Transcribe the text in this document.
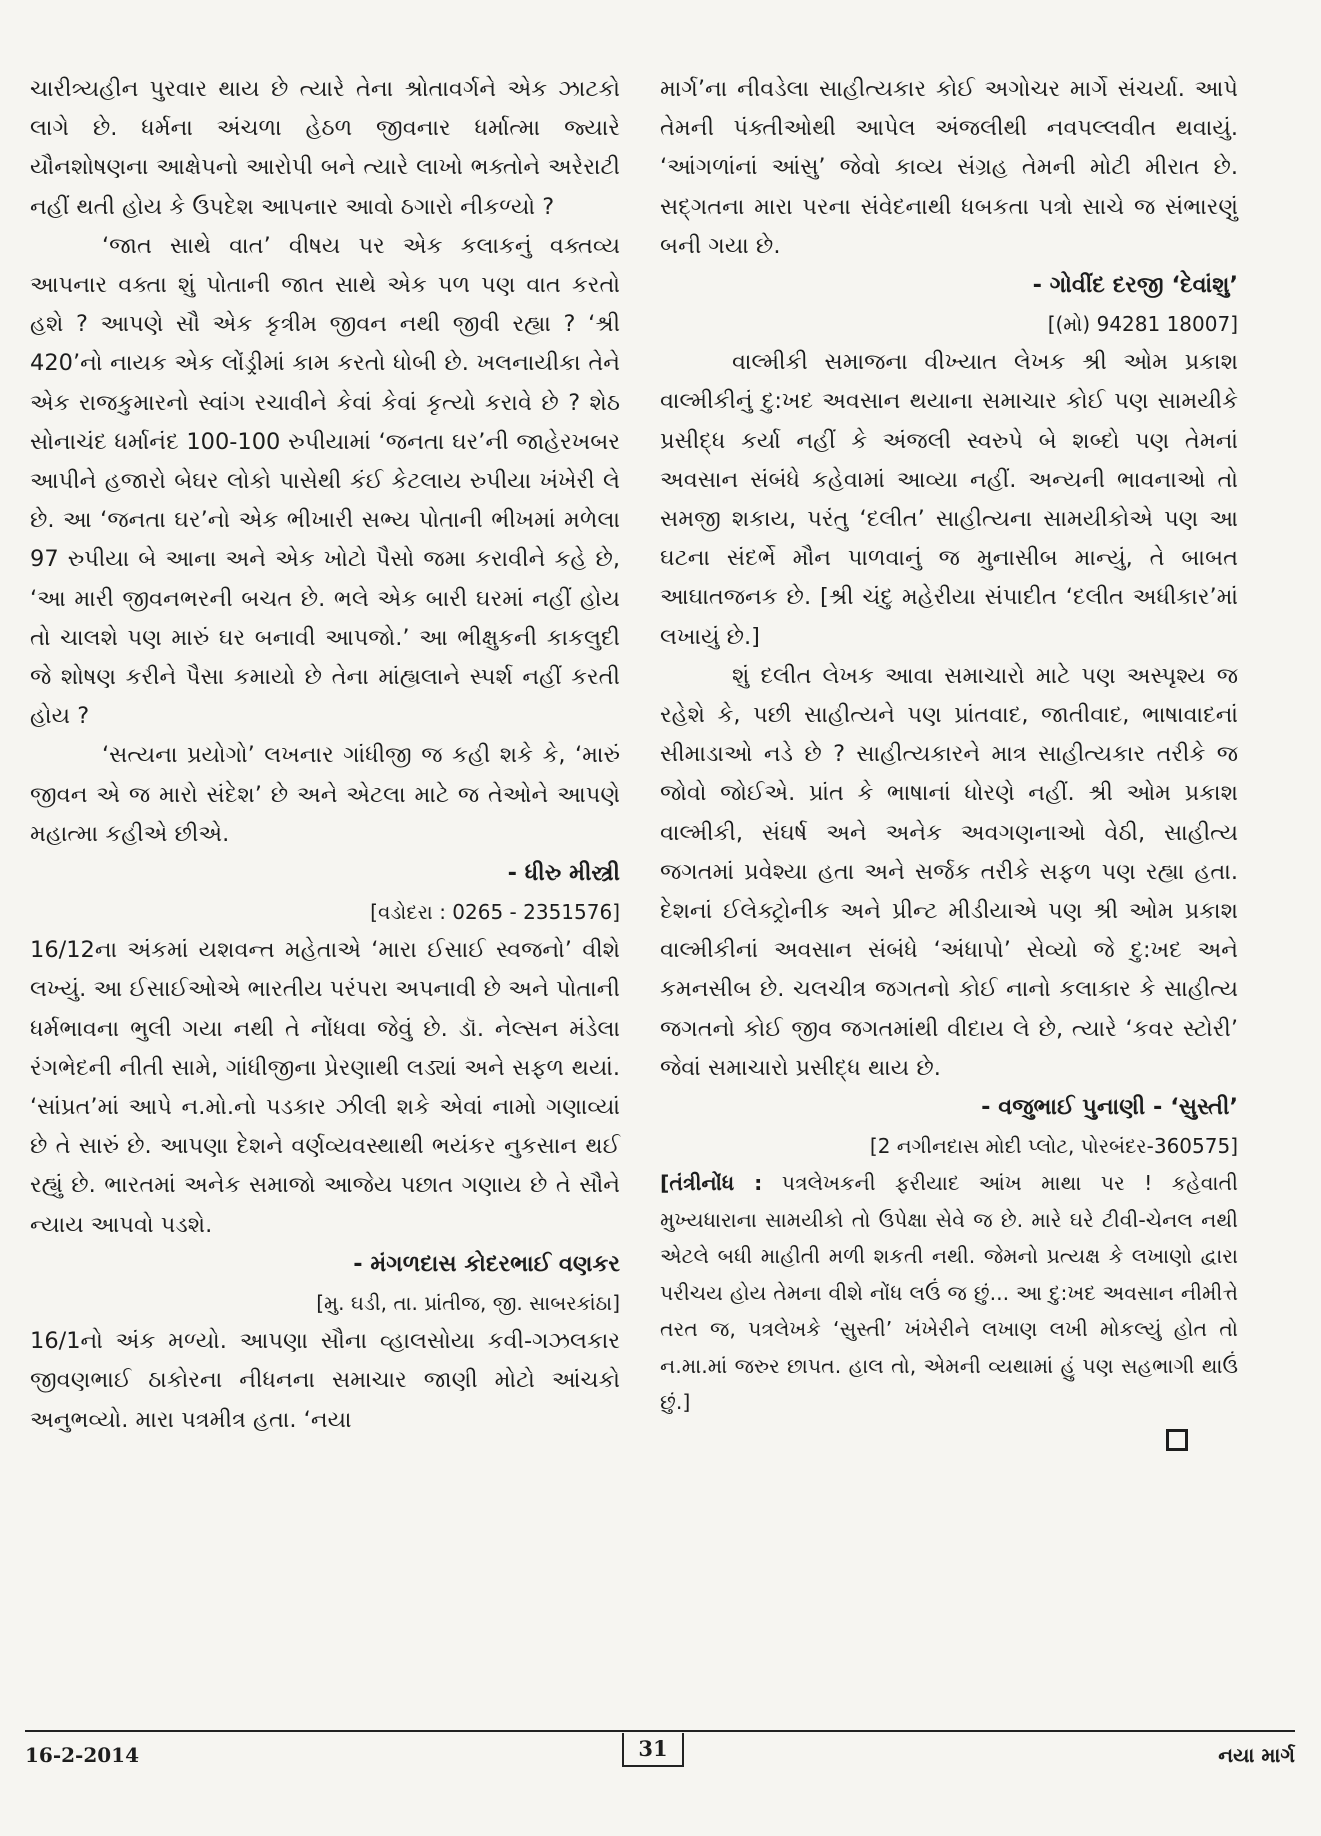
ચારીત્ર્યહીન પુરવાર થાય છે ત્યારે તેના શ્રોતાવર્ગને એક ઝાટકો લાગે છે. ધર્મના અંચળા હેઠળ જીવનાર ધર્માત્મા જ્યારે યૌનશોષણના આક્ષેપનો આરોપી બને ત્યારે લાખો ભક્તોને અરેરાટી નહીં થતી હોય કે ઉપદેશ આપનાર આવો ઠગારો નીકળ્યો ?

‘જાત સાથે વાત’ વીષય પર એક કલાકનું વક્તવ્ય આપનાર વક્તા શું પોતાની જાત સાથે એક પળ પણ વાત કરતો હશે ? આપણે સૌ એક કૃત્રીમ જીવન નથી જીવી રહ્યા ? ‘શ્રી 420’નો નાયક એક લોંડ્રીમાં કામ કરતો ધોબી છે. ખલનાયીકા તેને એક રાજકુમારનો સ્વાંગ રચાવીને કેવાં કેવાં કૃત્યો કરાવે છે ? શેઠ સોનાચંદ ધર્માનંદ 100-100 રુપીયામાં ‘જનતા ઘર’ની જાહેરખબર આપીને હજારો બેઘર લોકો પાસેથી કંઈ કેટલાય રુપીયા ખંખેરી લે છે. આ ‘જનતા ઘર’નો એક ભીખારી સભ્ય પોતાની ભીખમાં મળેલા 97 રુપીયા બે આના અને એક ખોટો પૈસો જમા કરાવીને કહે છે, ‘આ મારી જીવનભરની બચત છે. ભલે એક બારી ઘરમાં નહીં હોય તો ચાલશે પણ મારું ઘર બનાવી આપજો.’ આ ભીક્ષુકની કાકલુદી જે શોષણ કરીને પૈસા કમાયો છે તેના માંહ્યલાને સ્પર્શ નહીં કરતી હોય ?

‘સત્યના પ્રયોગો’ લખનાર ગાંધીજી જ કહી શકે કે, ‘મારું જીવન એ જ મારો સંદેશ’ છે અને એટલા માટે જ તેઓને આપણે મહાત્મા કહીએ છીએ.

- ધીરુ મીસ્ત્રી

[વડોદરા : 0265 - 2351576]

16/12ના અંકમાં યશવન્ત મહેતાએ ‘મારા ઈસાઈ સ્વજનો’ વીશે લખ્યું. આ ઈસાઈઓએ ભારતીય પરંપરા અપનાવી છે અને પોતાની ધર્મભાવના ભુલી ગયા નથી તે નોંધવા જેવું છે. ડૉ. નેલ્સન મંડેલા રંગભેદની નીતી સામે, ગાંધીજીના પ્રેરણાથી લડ્યાં અને સફળ થયાં. ‘સાંપ્રત’માં આપે ન.મો.નો પડકાર ઝીલી શકે એવાં નામો ગણાવ્યાં છે તે સારું છે. આપણા દેશને વર્ણવ્યવસ્થાથી ભયંકર નુકસાન થઈ રહ્યું છે. ભારતમાં અનેક સમાજો આજેય પછાત ગણાય છે તે સૌને ન્યાય આપવો પડશે.

- મંગળદાસ કોદરભાઈ વણકર

[મુ. ઘડી, તા. પ્રાંતીજ, જી. સાબરકાંઠા]

16/1નો અંક મળ્યો. આપણા સૌના વ્હાલસોયા કવી-ગઝલકાર જીવણભાઈ ઠાકોરના નીધનના સમાચાર જાણી મોટો આંચકો અનુભવ્યો. મારા પત્રમીત્ર હતા. ‘નયા

માર્ગ’ના નીવડેલા સાહીત્યકાર કોઈ અગોચર માર્ગે સંચર્યા. આપે તેમની પંક્તીઓથી આપેલ અંજલીથી નવપલ્લવીત થવાયું. ‘આંગળાંનાં આંસુ’ જેવો કાવ્ય સંગ્રહ તેમની મોટી મીરાત છે. સદ્ગતના મારા પરના સંવેદનાથી ધબકતા પત્રો સાચે જ સંભારણું બની ગયા છે.

- ગોવીંદ દરજી ‘દેવાંશુ’

[(મો) 94281 18007]

વાલ્મીકી સમાજના વીખ્યાત લેખક શ્રી ઓમ પ્રકાશ વાલ્મીકીનું દુ:ખદ અવસાન થયાના સમાચાર કોઈ પણ સામયીકે પ્રસીદ્ધ કર્યા નહીં કે અંજલી સ્વરુપે બે શબ્દો પણ તેમનાં અવસાન સંબંધે કહેવામાં આવ્યા નહીં. અન્યની ભાવનાઓ તો સમજી શકાય, પરંતુ ‘દલીત’ સાહીત્યના સામયીકોએ પણ આ ઘટના સંદર્ભે મૌન પાળવાનું જ મુનાસીબ માન્યું, તે બાબત આઘાતજનક છે. [શ્રી ચંદુ મહેરીયા સંપાદીત ‘દલીત અધીકાર’માં લખાયું છે.]

શું દલીત લેખક આવા સમાચારો માટે પણ અસ્પૃશ્ય જ રહેશે કે, પછી સાહીત્યને પણ પ્રાંતવાદ, જાતીવાદ, ભાષાવાદનાં સીમાડાઓ નડે છે ? સાહીત્યકારને માત્ર સાહીત્યકાર તરીકે જ જોવો જોઈએ. પ્રાંત કે ભાષાનાં ધોરણે નહીં. શ્રી ઓમ પ્રકાશ વાલ્મીકી, સંઘર્ષ અને અનેક અવગણનાઓ વેઠી, સાહીત્ય જગતમાં પ્રવેશ્યા હતા અને સર્જક તરીકે સફળ પણ રહ્યા હતા. દેશનાં ઈલેક્ટ્રોનીક અને પ્રીન્ટ મીડીયાએ પણ શ્રી ઓમ પ્રકાશ વાલ્મીકીનાં અવસાન સંબંધે ‘અંધાપો’ સેવ્યો જે દુ:ખદ અને કમનસીબ છે. ચલચીત્ર જગતનો કોઈ નાનો કલાકાર કે સાહીત્ય જગતનો કોઈ જીવ જગતમાંથી વીદાય લે છે, ત્યારે ‘કવર સ્ટોરી’ જેવાં સમાચારો પ્રસીદ્ધ થાય છે.

- વજુભાઈ પુનાણી - ‘સુસ્તી’

[2 નગીનદાસ મોદી પ્લોટ, પોરબંદર-360575]

[તંત્રીનોંધ : પત્રલેખકની ફરીયાદ આંખ માથા પર ! કહેવાતી મુખ્યધારાના સામયીકો તો ઉપેક્ષા સેવે જ છે. મારે ઘરે ટીવી-ચેનલ નથી એટલે બધી માહીતી મળી શકતી નથી. જેમનો પ્રત્યક્ષ કે લખાણો દ્વારા પરીચય હોય તેમના વીશે નોંધ લઉં જ છું... આ દુ:ખદ અવસાન નીમીત્તે તરત જ, પત્રલેખકે ‘સુસ્તી’ ખંખેરીને લખાણ લખી મોકલ્યું હોત તો ન.મા.માં જરુર છાપત. હાલ તો, એમની વ્યથામાં હું પણ સહભાગી થાઉં છું.]

16-2-2014	31	નયા માર્ગ
